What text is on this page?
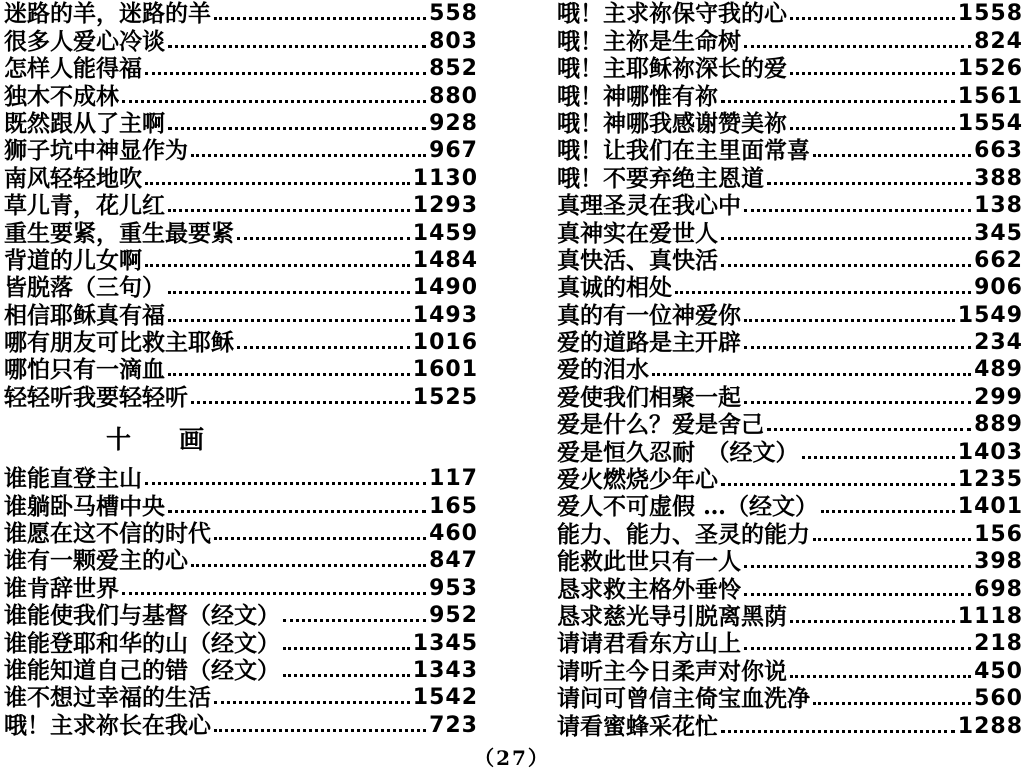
迷路的羊，迷路的羊	558
很多人爱心冷谈	803
怎样人能得福	852
独木不成林	880
既然跟从了主啊	928
狮子坑中神显作为	967
南风轻轻地吹	1130
草儿青，花儿红	1293
重生要紧，重生最要紧	1459
背道的儿女啊	1484
皆脱落（三句）	1490
相信耶稣真有福	1493
哪有朋友可比救主耶稣	1016
哪怕只有一滴血	1601
轻轻听我要轻轻听	1525
十画
谁能直登主山	117
谁躺卧马槽中央	165
谁愿在这不信的时代	460
谁有一颗爱主的心	847
谁肯辞世界	953
谁能使我们与基督（经文）	952
谁能登耶和华的山（经文）	1345
谁能知道自己的错（经文）	1343
谁不想过幸福的生活	1542
哦！主求祢长在我心	723
哦！主求祢保守我的心	1558
哦！主祢是生命树	824
哦！主耶稣祢深长的爱	1526
哦！神哪惟有祢	1561
哦！神哪我感谢赞美祢	1554
哦！让我们在主里面常喜	663
哦！不要弃绝主恩道	388
真理圣灵在我心中	138
真神实在爱世人	345
真快活、真快活	662
真诚的相处	906
真的有一位神爱你	1549
爱的道路是主开辟	234
爱的泪水	489
爱使我们相聚一起	299
爱是什么？爱是舍己	889
爱是恒久忍耐　（经文）	1403
爱火燃烧少年心	1235
爱人不可虚假 …（经文）	1401
能力、能力、圣灵的能力	156
能救此世只有一人	398
恳求救主格外垂怜	698
恳求慈光导引脱离黑荫	1118
请请君看东方山上	218
请听主今日柔声对你说	450
请问可曾信主倚宝血洗净	560
请看蜜蜂采花忙	1288
（27）
